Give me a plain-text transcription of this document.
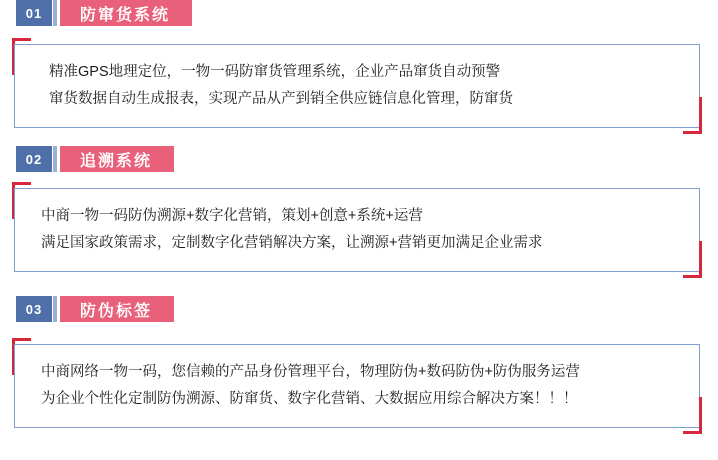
01	防窜货系统

精准GPS地理定位，一物一码防窜货管理系统，企业产品窜货自动预警

窜货数据自动生成报表，实现产品从产到销全供应链信息化管理，防窜货

02	追溯系统

中商一物一码防伪溯源+数字化营销，策划+创意+系统+运营

满足国家政策需求，定制数字化营销解决方案，让溯源+营销更加满足企业需求

03	防伪标签

中商网络一物一码，您信赖的产品身份管理平台，物理防伪+数码防伪+防伪服务运营

为企业个性化定制防伪溯源、防窜货、数字化营销、大数据应用综合解决方案！！！
